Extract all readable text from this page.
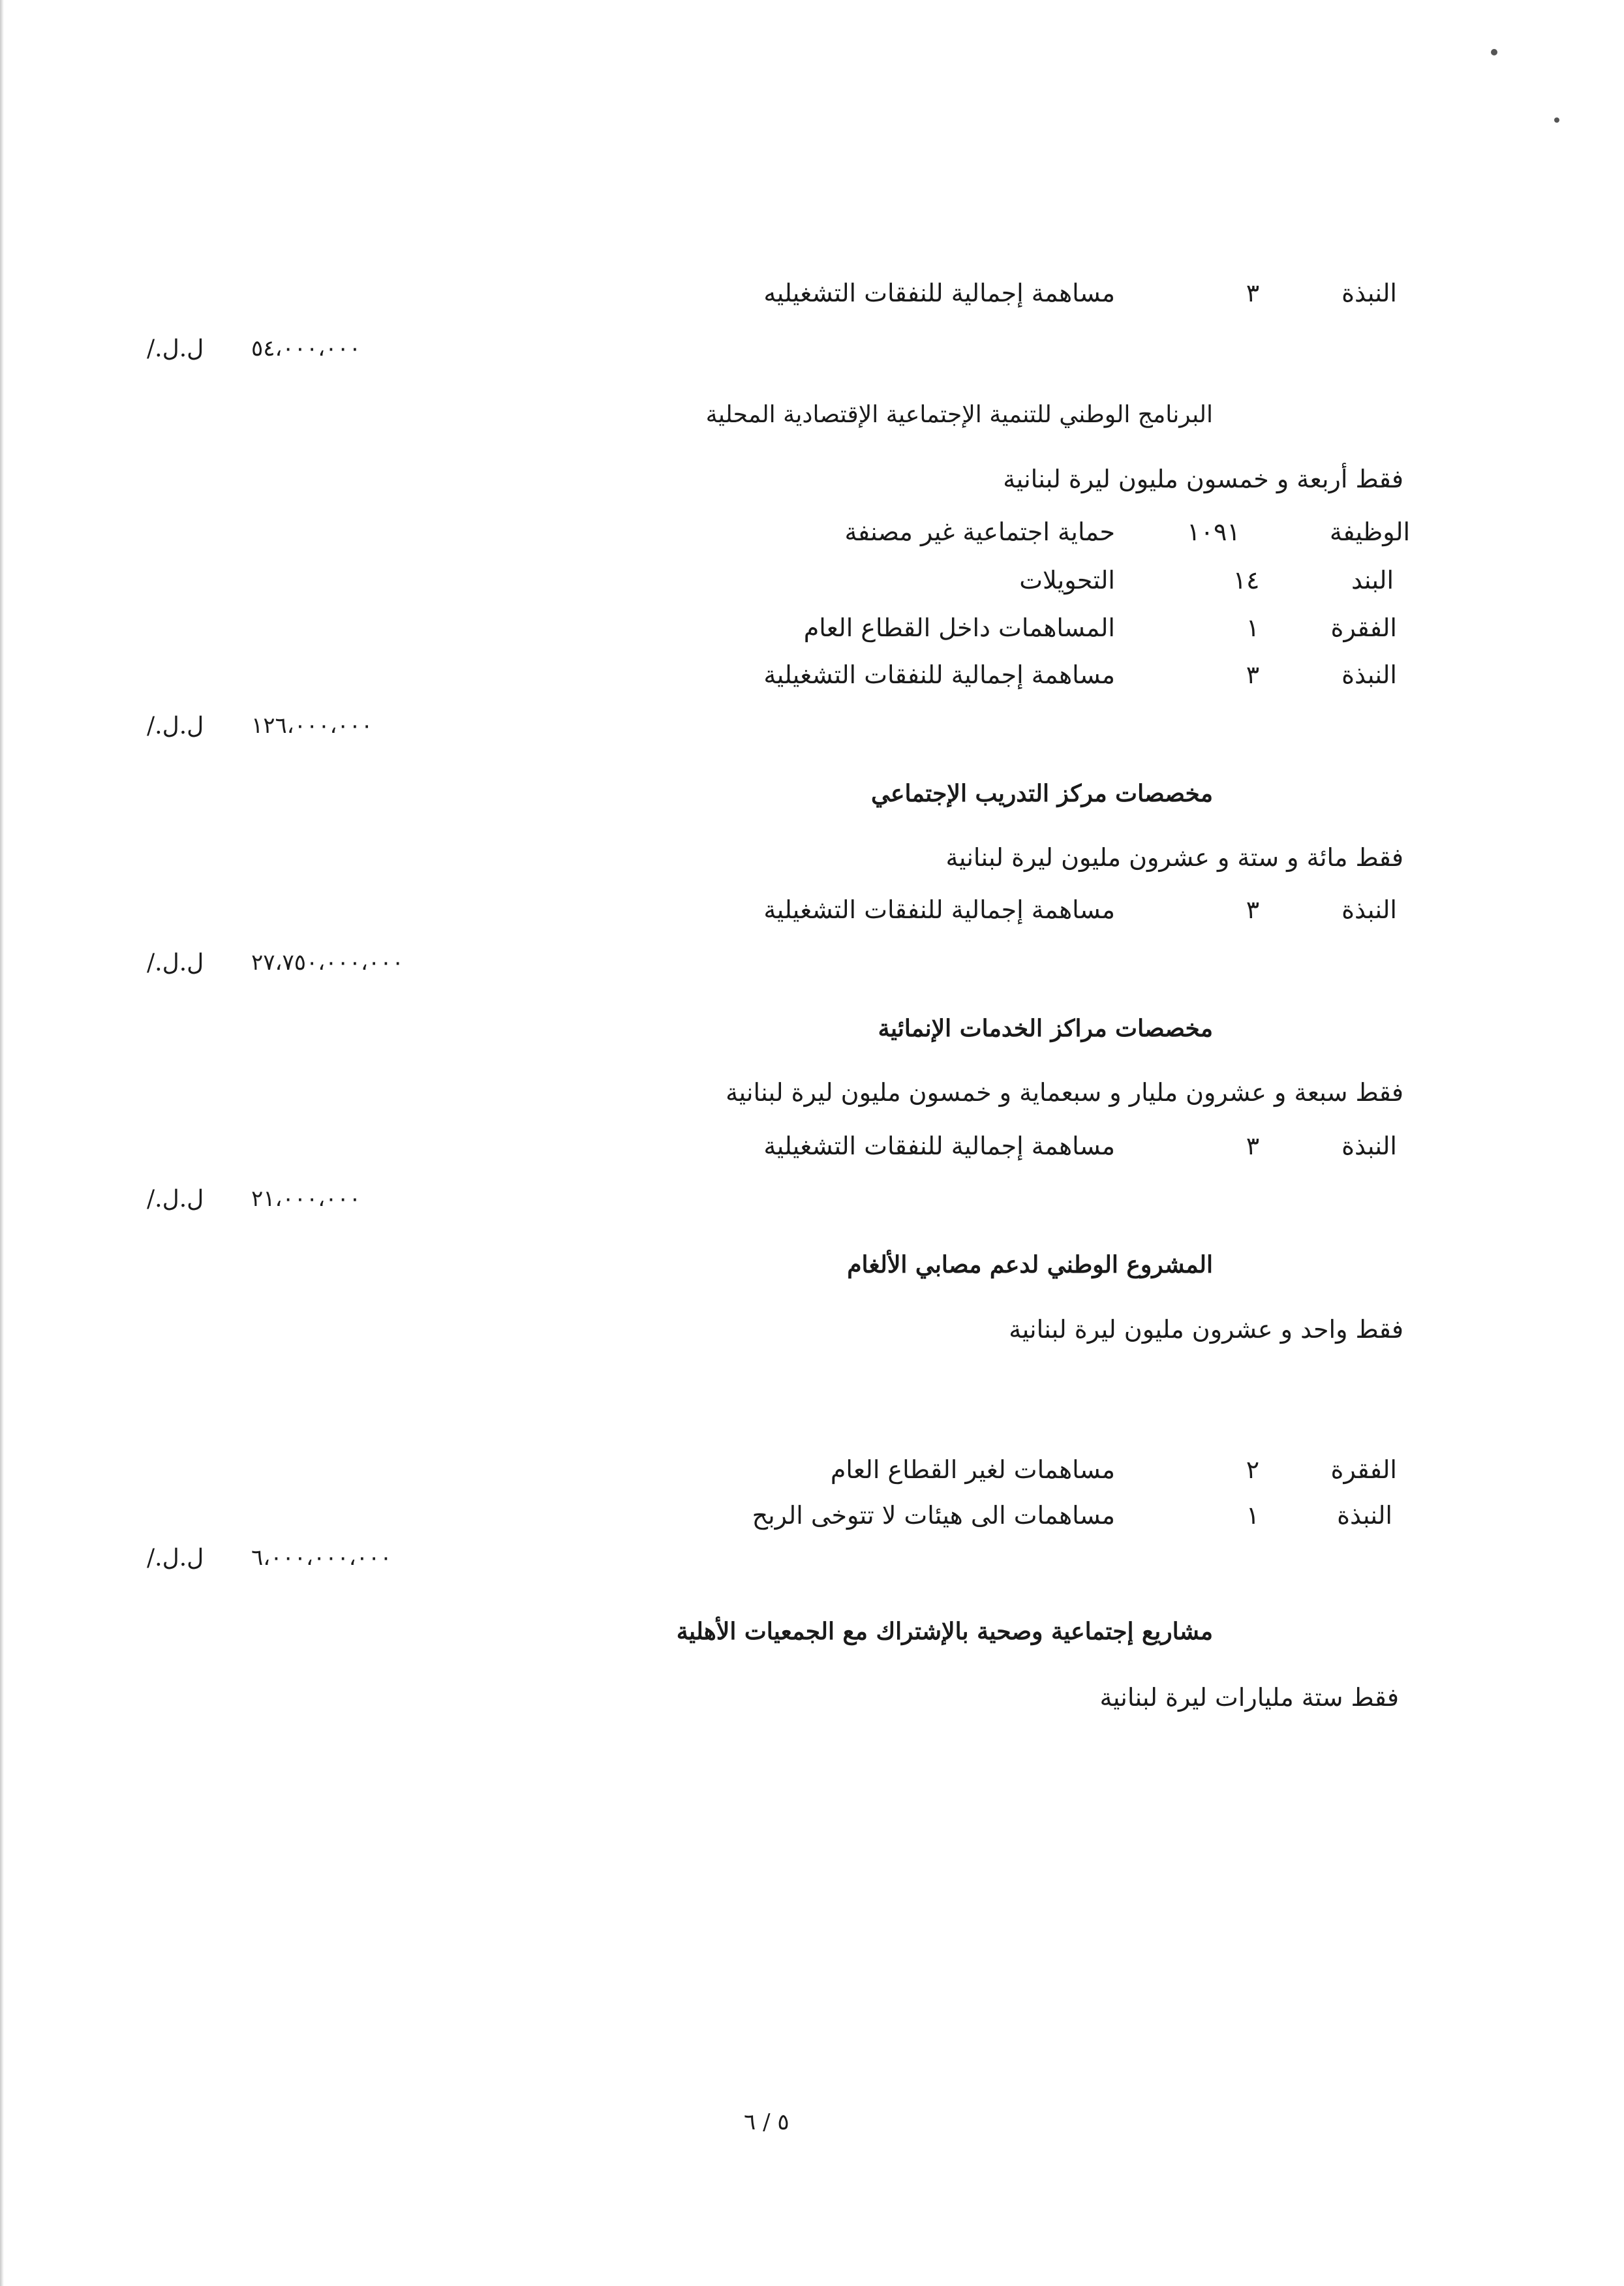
النبذة
٣
مساهمة إجمالية للنفقات التشغيليه
٥٤،٠٠٠،٠٠٠
ل.ل./
البرنامج الوطني للتنمية الإجتماعية الإقتصادية المحلية
فقط أربعة و خمسون مليون ليرة لبنانية
الوظيفة
١٠٩١
حماية اجتماعية غير مصنفة
البند
١٤
التحويلات
الفقرة
١
المساهمات داخل القطاع العام
النبذة
٣
مساهمة إجمالية للنفقات التشغيلية
١٢٦،٠٠٠،٠٠٠
ل.ل./
مخصصات مركز التدريب الإجتماعي
فقط مائة و ستة و عشرون مليون ليرة لبنانية
النبذة
٣
مساهمة إجمالية للنفقات التشغيلية
٢٧،٧٥٠،٠٠٠،٠٠٠
ل.ل./
مخصصات مراكز الخدمات الإنمائية
فقط سبعة و عشرون مليار و سبعماية و خمسون مليون ليرة لبنانية
النبذة
٣
مساهمة إجمالية للنفقات التشغيلية
٢١،٠٠٠،٠٠٠
ل.ل./
المشروع الوطني لدعم مصابي الألغام
فقط واحد و عشرون مليون ليرة لبنانية
الفقرة
٢
مساهمات لغير القطاع العام
النبذة
١
مساهمات الى هيئات لا تتوخى الربح
٦،٠٠٠،٠٠٠،٠٠٠
ل.ل./
مشاريع إجتماعية وصحية بالإشتراك مع الجمعيات الأهلية
فقط ستة مليارات ليرة لبنانية
٥ / ٦
